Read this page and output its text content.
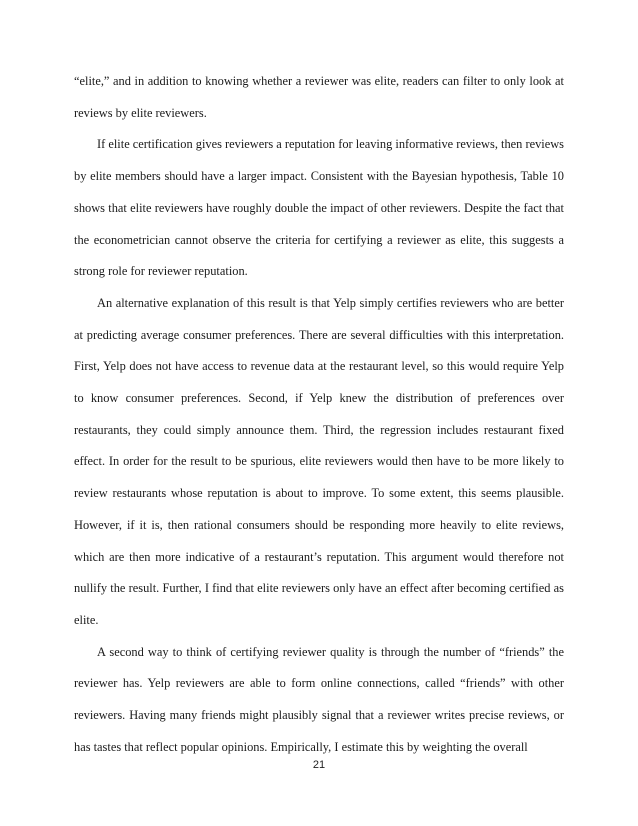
“elite,” and in addition to knowing whether a reviewer was elite, readers can filter to only look at reviews by elite reviewers.

If elite certification gives reviewers a reputation for leaving informative reviews, then reviews by elite members should have a larger impact. Consistent with the Bayesian hypothesis, Table 10 shows that elite reviewers have roughly double the impact of other reviewers. Despite the fact that the econometrician cannot observe the criteria for certifying a reviewer as elite, this suggests a strong role for reviewer reputation.

An alternative explanation of this result is that Yelp simply certifies reviewers who are better at predicting average consumer preferences. There are several difficulties with this interpretation. First, Yelp does not have access to revenue data at the restaurant level, so this would require Yelp to know consumer preferences. Second, if Yelp knew the distribution of preferences over restaurants, they could simply announce them. Third, the regression includes restaurant fixed effect. In order for the result to be spurious, elite reviewers would then have to be more likely to review restaurants whose reputation is about to improve. To some extent, this seems plausible. However, if it is, then rational consumers should be responding more heavily to elite reviews, which are then more indicative of a restaurant’s reputation. This argument would therefore not nullify the result. Further, I find that elite reviewers only have an effect after becoming certified as elite.

A second way to think of certifying reviewer quality is through the number of “friends” the reviewer has. Yelp reviewers are able to form online connections, called “friends” with other reviewers. Having many friends might plausibly signal that a reviewer writes precise reviews, or has tastes that reflect popular opinions. Empirically, I estimate this by weighting the overall

21
